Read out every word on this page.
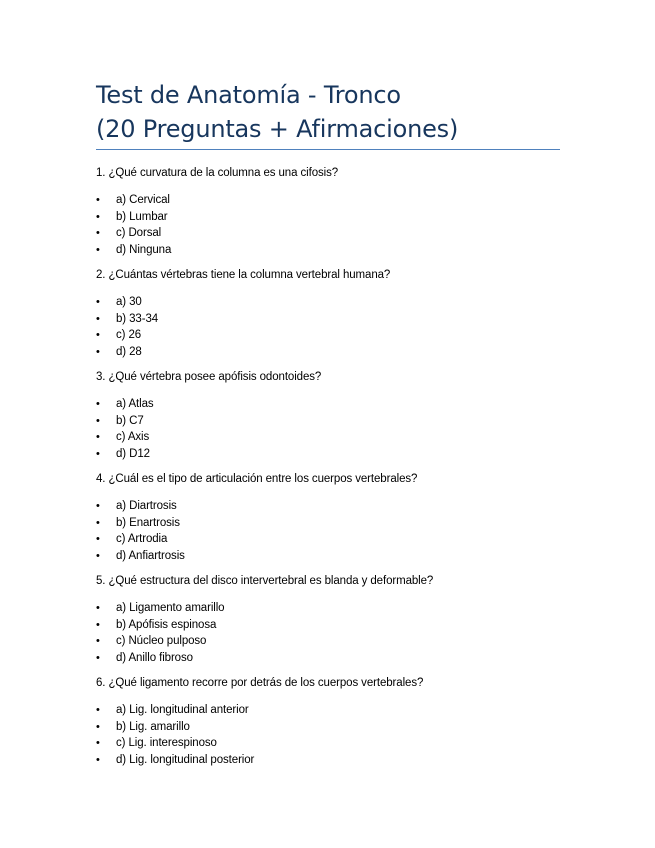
Test de Anatomía - Tronco
(20 Preguntas + Afirmaciones)

1. ¿Qué curvatura de la columna es una cifosis?

•	a) Cervical
•	b) Lumbar
•	c) Dorsal
•	d) Ninguna

2. ¿Cuántas vértebras tiene la columna vertebral humana?

•	a) 30
•	b) 33-34
•	c) 26
•	d) 28

3. ¿Qué vértebra posee apófisis odontoides?

•	a) Atlas
•	b) C7
•	c) Axis
•	d) D12

4. ¿Cuál es el tipo de articulación entre los cuerpos vertebrales?

•	a) Diartrosis
•	b) Enartrosis
•	c) Artrodia
•	d) Anfiartrosis

5. ¿Qué estructura del disco intervertebral es blanda y deformable?

•	a) Ligamento amarillo
•	b) Apófisis espinosa
•	c) Núcleo pulposo
•	d) Anillo fibroso

6. ¿Qué ligamento recorre por detrás de los cuerpos vertebrales?

•	a) Lig. longitudinal anterior
•	b) Lig. amarillo
•	c) Lig. interespinoso
•	d) Lig. longitudinal posterior
